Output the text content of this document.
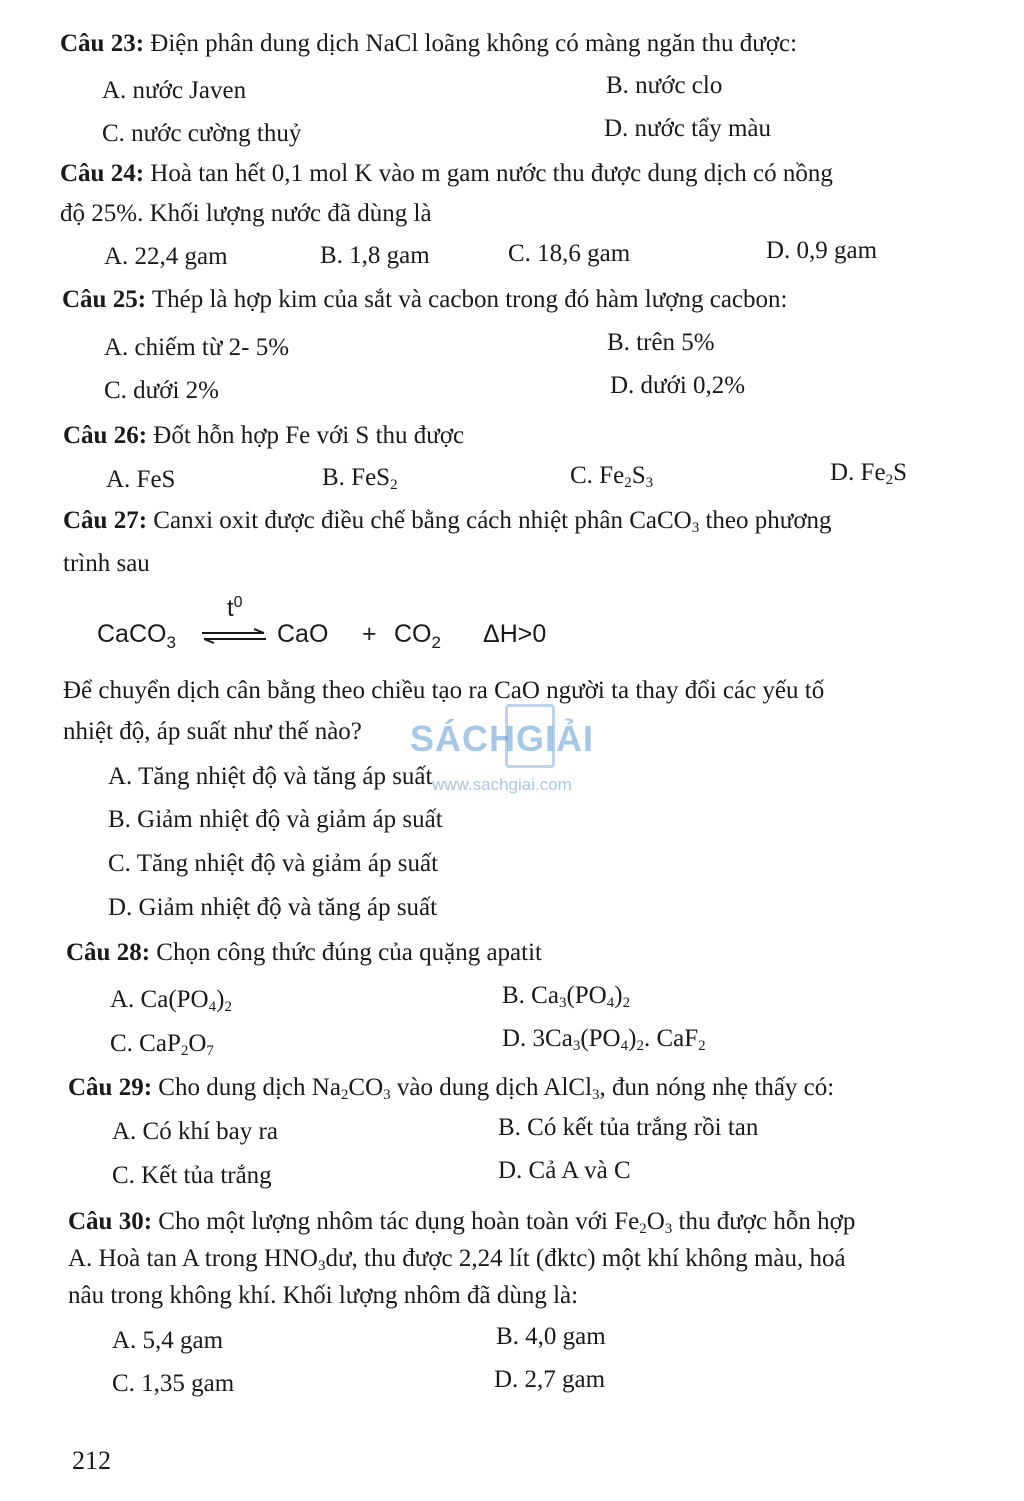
Câu 23: Điện phân dung dịch NaCl loãng không có màng ngăn thu được:
A. nước Javen	B. nước clo
C. nước cường thuỷ	D. nước tẩy màu
Câu 24: Hoà tan hết 0,1 mol K vào m gam nước thu được dung dịch có nồng
độ 25%. Khối lượng nước đã dùng là
A. 22,4 gam	B. 1,8 gam	C. 18,6 gam	D. 0,9 gam
Câu 25: Thép là hợp kim của sắt và cacbon trong đó hàm lượng cacbon:
A. chiếm từ 2- 5%	B. trên 5%
C. dưới 2%	D. dưới 0,2%
Câu 26: Đốt hỗn hợp Fe với S thu được
A. FeS	B. FeS$_2$	C. $Fe_2S_3$	D. $Fe_2S$
Câu 27: Canxi oxit được điều chế bằng cách nhiệt phân CaCO$_3$ theo phương
trình sau
CaCO$_3$
$t^0$
⇌ CaO + $CO_2$ ΔH>0
Để chuyển dịch cân bằng theo chiều tạo ra CaO người ta thay đổi các yếu tố
nhiệt độ, áp suất như thế nào?
A. Tăng nhiệt độ và tăng áp suất
B. Giảm nhiệt độ và giảm áp suất
C. Tăng nhiệt độ và giảm áp suất
D. Giảm nhiệt độ và tăng áp suất
SÁCHGIẢI
www.sachgiai.com
Câu 28: Chọn công thức đúng của quặng apatit
A. $Ca(PO_4)_2$	B. $Ca_3(PO_4)_2$
C. $CaP_2O_7$	D. $3Ca_3(PO_4)_2$. CaF$_2$
Câu 29: Cho dung dịch $Na_2CO_3$ vào dung dịch AlCl$_3$, đun nóng nhẹ thấy có:
A. Có khí bay ra	B. Có kết tủa trắng rồi tan
C. Kết tủa trắng	D. Cả A và C
Câu 30: Cho một lượng nhôm tác dụng hoàn toàn với $Fe_2O_3$ thu được hỗn hợp
A. Hoà tan A trong $HNO_3dư$, thu được 2,24 lít (đktc) một khí không màu, hoá
nâu trong không khí. Khối lượng nhôm đã dùng là:
A. 5,4 gam	B. 4,0 gam
C. 1,35 gam	D. 2,7 gam
212
